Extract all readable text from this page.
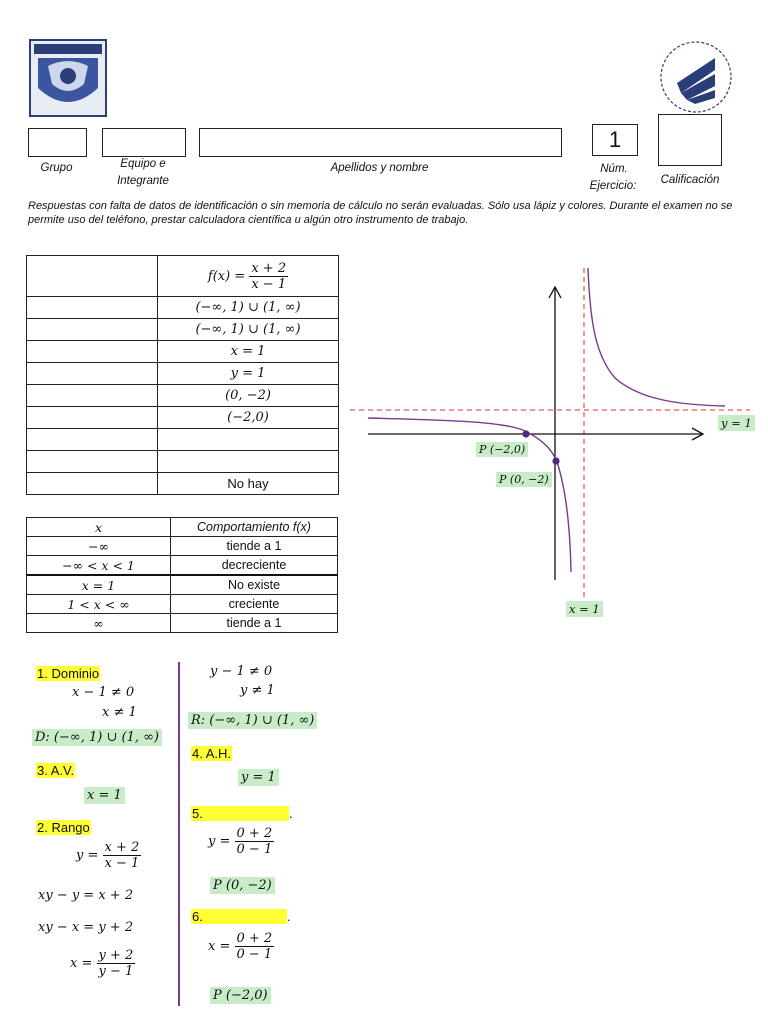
1
Grupo	Equipo e
Integrante
Apellidos y nombre	Núm.
Ejercicio:	Calificación
Respuestas con falta de datos de identificación o sin memoria de cálculo no serán evaluadas. Sólo usa lápiz y colores. Durante el examen no se permite uso del teléfono, prestar calculadora científica u algún otro instrumento de trabajo.
	$f(x) = \frac{x + 2}{x - 1}$

	(−∞, 1) ∪ (1, ∞)
	(−∞, 1) ∪ (1, ∞)
	x = 1
	y = 1
	(0, −2)
	(−2,0)

	No hay
x	Comportamiento f(x)
−∞	tiende a 1
−∞ < x < 1	decreciente
x = 1	No existe
1 < x < ∞	creciente
∞	tiende a 1
y = 1
x = 1
P (−2,0)
P (0, −2)
1. Dominio
x − 1 ≠ 0
x ≠ 1
D: (−∞, 1) ∪ (1, ∞)
3. A.V.
x = 1
2. Rango
$y = \frac{x + 2}{x - 1}$
xy − y = x + 2
xy − x = y + 2
$x = \frac{y + 2}{y - 1}$
y − 1 ≠ 0
y ≠ 1
R: (−∞, 1) ∪ (1, ∞)
4. A.H.
y = 1
5.	.
$y = \frac{0 + 2}{0 - 1}$
P (0, −2)
6.	.
$x = \frac{0 + 2}{0 - 1}$
P (−2,0)
